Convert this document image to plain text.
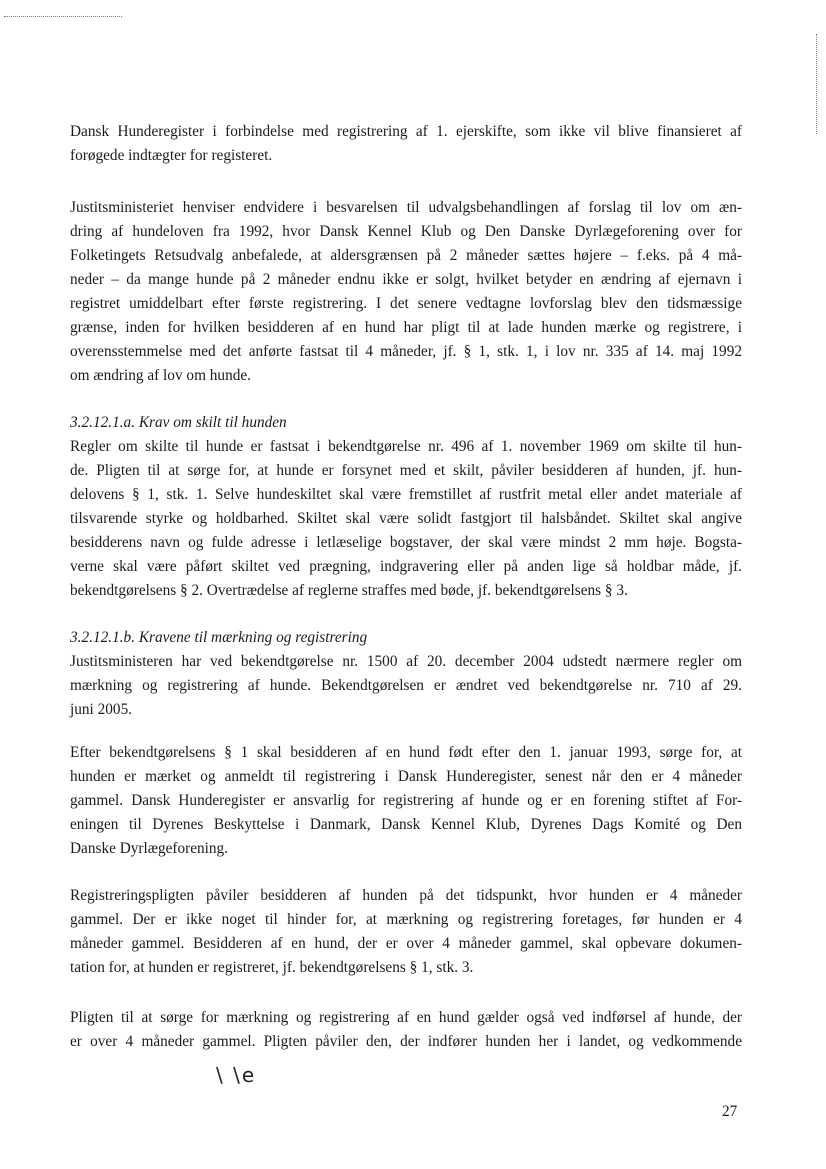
Dansk Hunderegister i forbindelse med registrering af 1. ejerskifte, som ikke vil blive finansieret af
forøgede indtægter for registeret.
Justitsministeriet henviser endvidere i besvarelsen til udvalgsbehandlingen af forslag til lov om æn-
dring af hundeloven fra 1992, hvor Dansk Kennel Klub og Den Danske Dyrlægeforening over for
Folketingets Retsudvalg anbefalede, at aldersgrænsen på 2 måneder sættes højere – f.eks. på 4 må-
neder – da mange hunde på 2 måneder endnu ikke er solgt, hvilket betyder en ændring af ejernavn i
registret umiddelbart efter første registrering. I det senere vedtagne lovforslag blev den tidsmæssige
grænse, inden for hvilken besidderen af en hund har pligt til at lade hunden mærke og registrere, i
overensstemmelse med det anførte fastsat til 4 måneder, jf. § 1, stk. 1, i lov nr. 335 af 14. maj 1992
om ændring af lov om hunde.
3.2.12.1.a. Krav om skilt til hunden
Regler om skilte til hunde er fastsat i bekendtgørelse nr. 496 af 1. november 1969 om skilte til hun-
de. Pligten til at sørge for, at hunde er forsynet med et skilt, påviler besidderen af hunden, jf. hun-
delovens § 1, stk. 1. Selve hundeskiltet skal være fremstillet af rustfrit metal eller andet materiale af
tilsvarende styrke og holdbarhed. Skiltet skal være solidt fastgjort til halsbåndet. Skiltet skal angive
besidderens navn og fulde adresse i letlæselige bogstaver, der skal være mindst 2 mm høje. Bogsta-
verne skal være påført skiltet ved prægning, indgravering eller på anden lige så holdbar måde, jf.
bekendtgørelsens § 2. Overtrædelse af reglerne straffes med bøde, jf. bekendtgørelsens § 3.
3.2.12.1.b. Kravene til mærkning og registrering
Justitsministeren har ved bekendtgørelse nr. 1500 af 20. december 2004 udstedt nærmere regler om
mærkning og registrering af hunde. Bekendtgørelsen er ændret ved bekendtgørelse nr. 710 af 29.
juni 2005.
Efter bekendtgørelsens § 1 skal besidderen af en hund født efter den 1. januar 1993, sørge for, at
hunden er mærket og anmeldt til registrering i Dansk Hunderegister, senest når den er 4 måneder
gammel. Dansk Hunderegister er ansvarlig for registrering af hunde og er en forening stiftet af For-
eningen til Dyrenes Beskyttelse i Danmark, Dansk Kennel Klub, Dyrenes Dags Komité og Den
Danske Dyrlægeforening.
Registreringspligten påviler besidderen af hunden på det tidspunkt, hvor hunden er 4 måneder
gammel. Der er ikke noget til hinder for, at mærkning og registrering foretages, før hunden er 4
måneder gammel. Besidderen af en hund, der er over 4 måneder gammel, skal opbevare dokumen-
tation for, at hunden er registreret, jf. bekendtgørelsens § 1, stk. 3.
Pligten til at sørge for mærkning og registrering af en hund gælder også ved indførsel af hunde, der
er over 4 måneder gammel. Pligten påviler den, der indfører hunden her i landet, og vedkommende
\ \e
27
